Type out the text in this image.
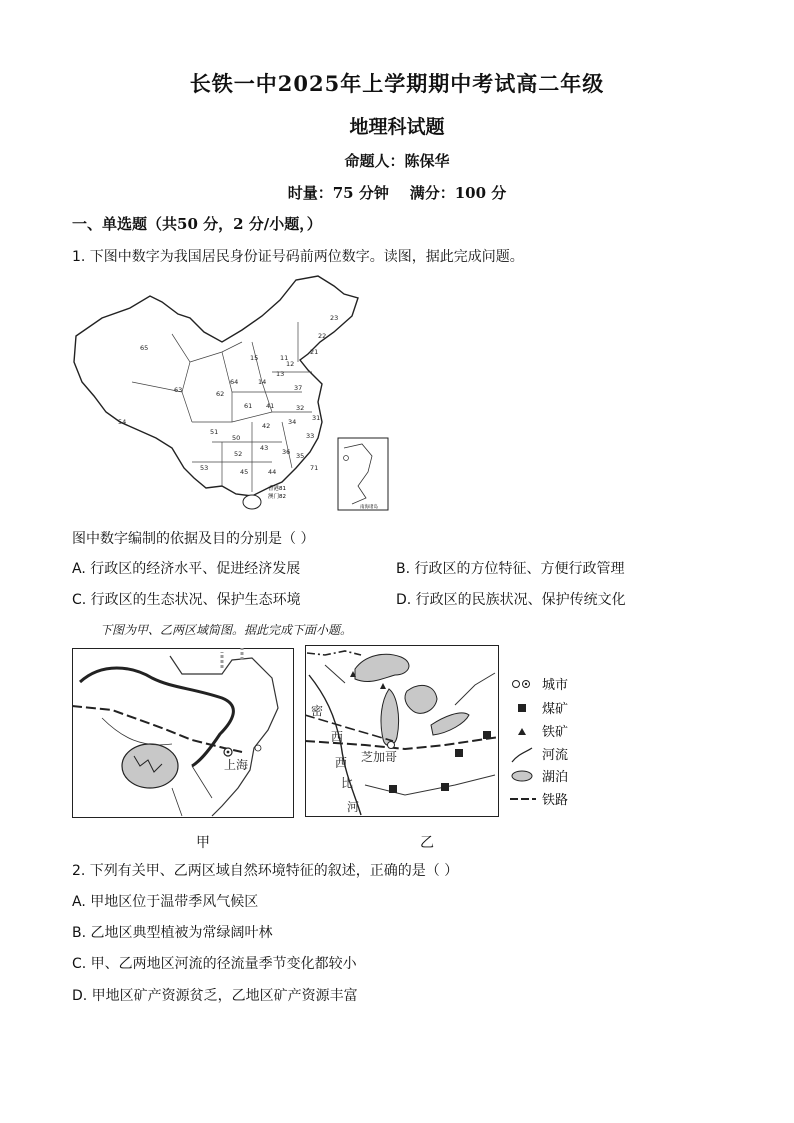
长铁一中2025年上学期期中考试高二年级
地理科试题
命题人：陈保华
时量：75 分钟    满分：100 分
一、单选题（共50 分，2 分/小题，）
1. 下图中数字为我国居民身份证号码前两位数字。读图，据此完成问题。
65
15
63	62
64	14
13
12
11
22
23
21
37
41	32
31
61
42	34
51
54
52
50
43 36
33
35
53	45	44	71
香港81
澳门82
南海诸岛
图中数字编制的依据及目的分别是（ ）
A. 行政区的经济水平、促进经济发展	B. 行政区的方位特征、方便行政管理
C. 行政区的生态状况、保护生态环境	D. 行政区的民族状况、保护传统文化
下图为甲、乙两区域简图。据此完成下面小题。
上海
芝加哥
密
西
西
比
河
城市
煤矿
铁矿
河流
湖泊
铁路
甲	乙
2. 下列有关甲、乙两区域自然环境特征的叙述，正确的是（ ）
A. 甲地区位于温带季风气候区
B. 乙地区典型植被为常绿阔叶林
C. 甲、乙两地区河流的径流量季节变化都较小
D. 甲地区矿产资源贫乏，乙地区矿产资源丰富
